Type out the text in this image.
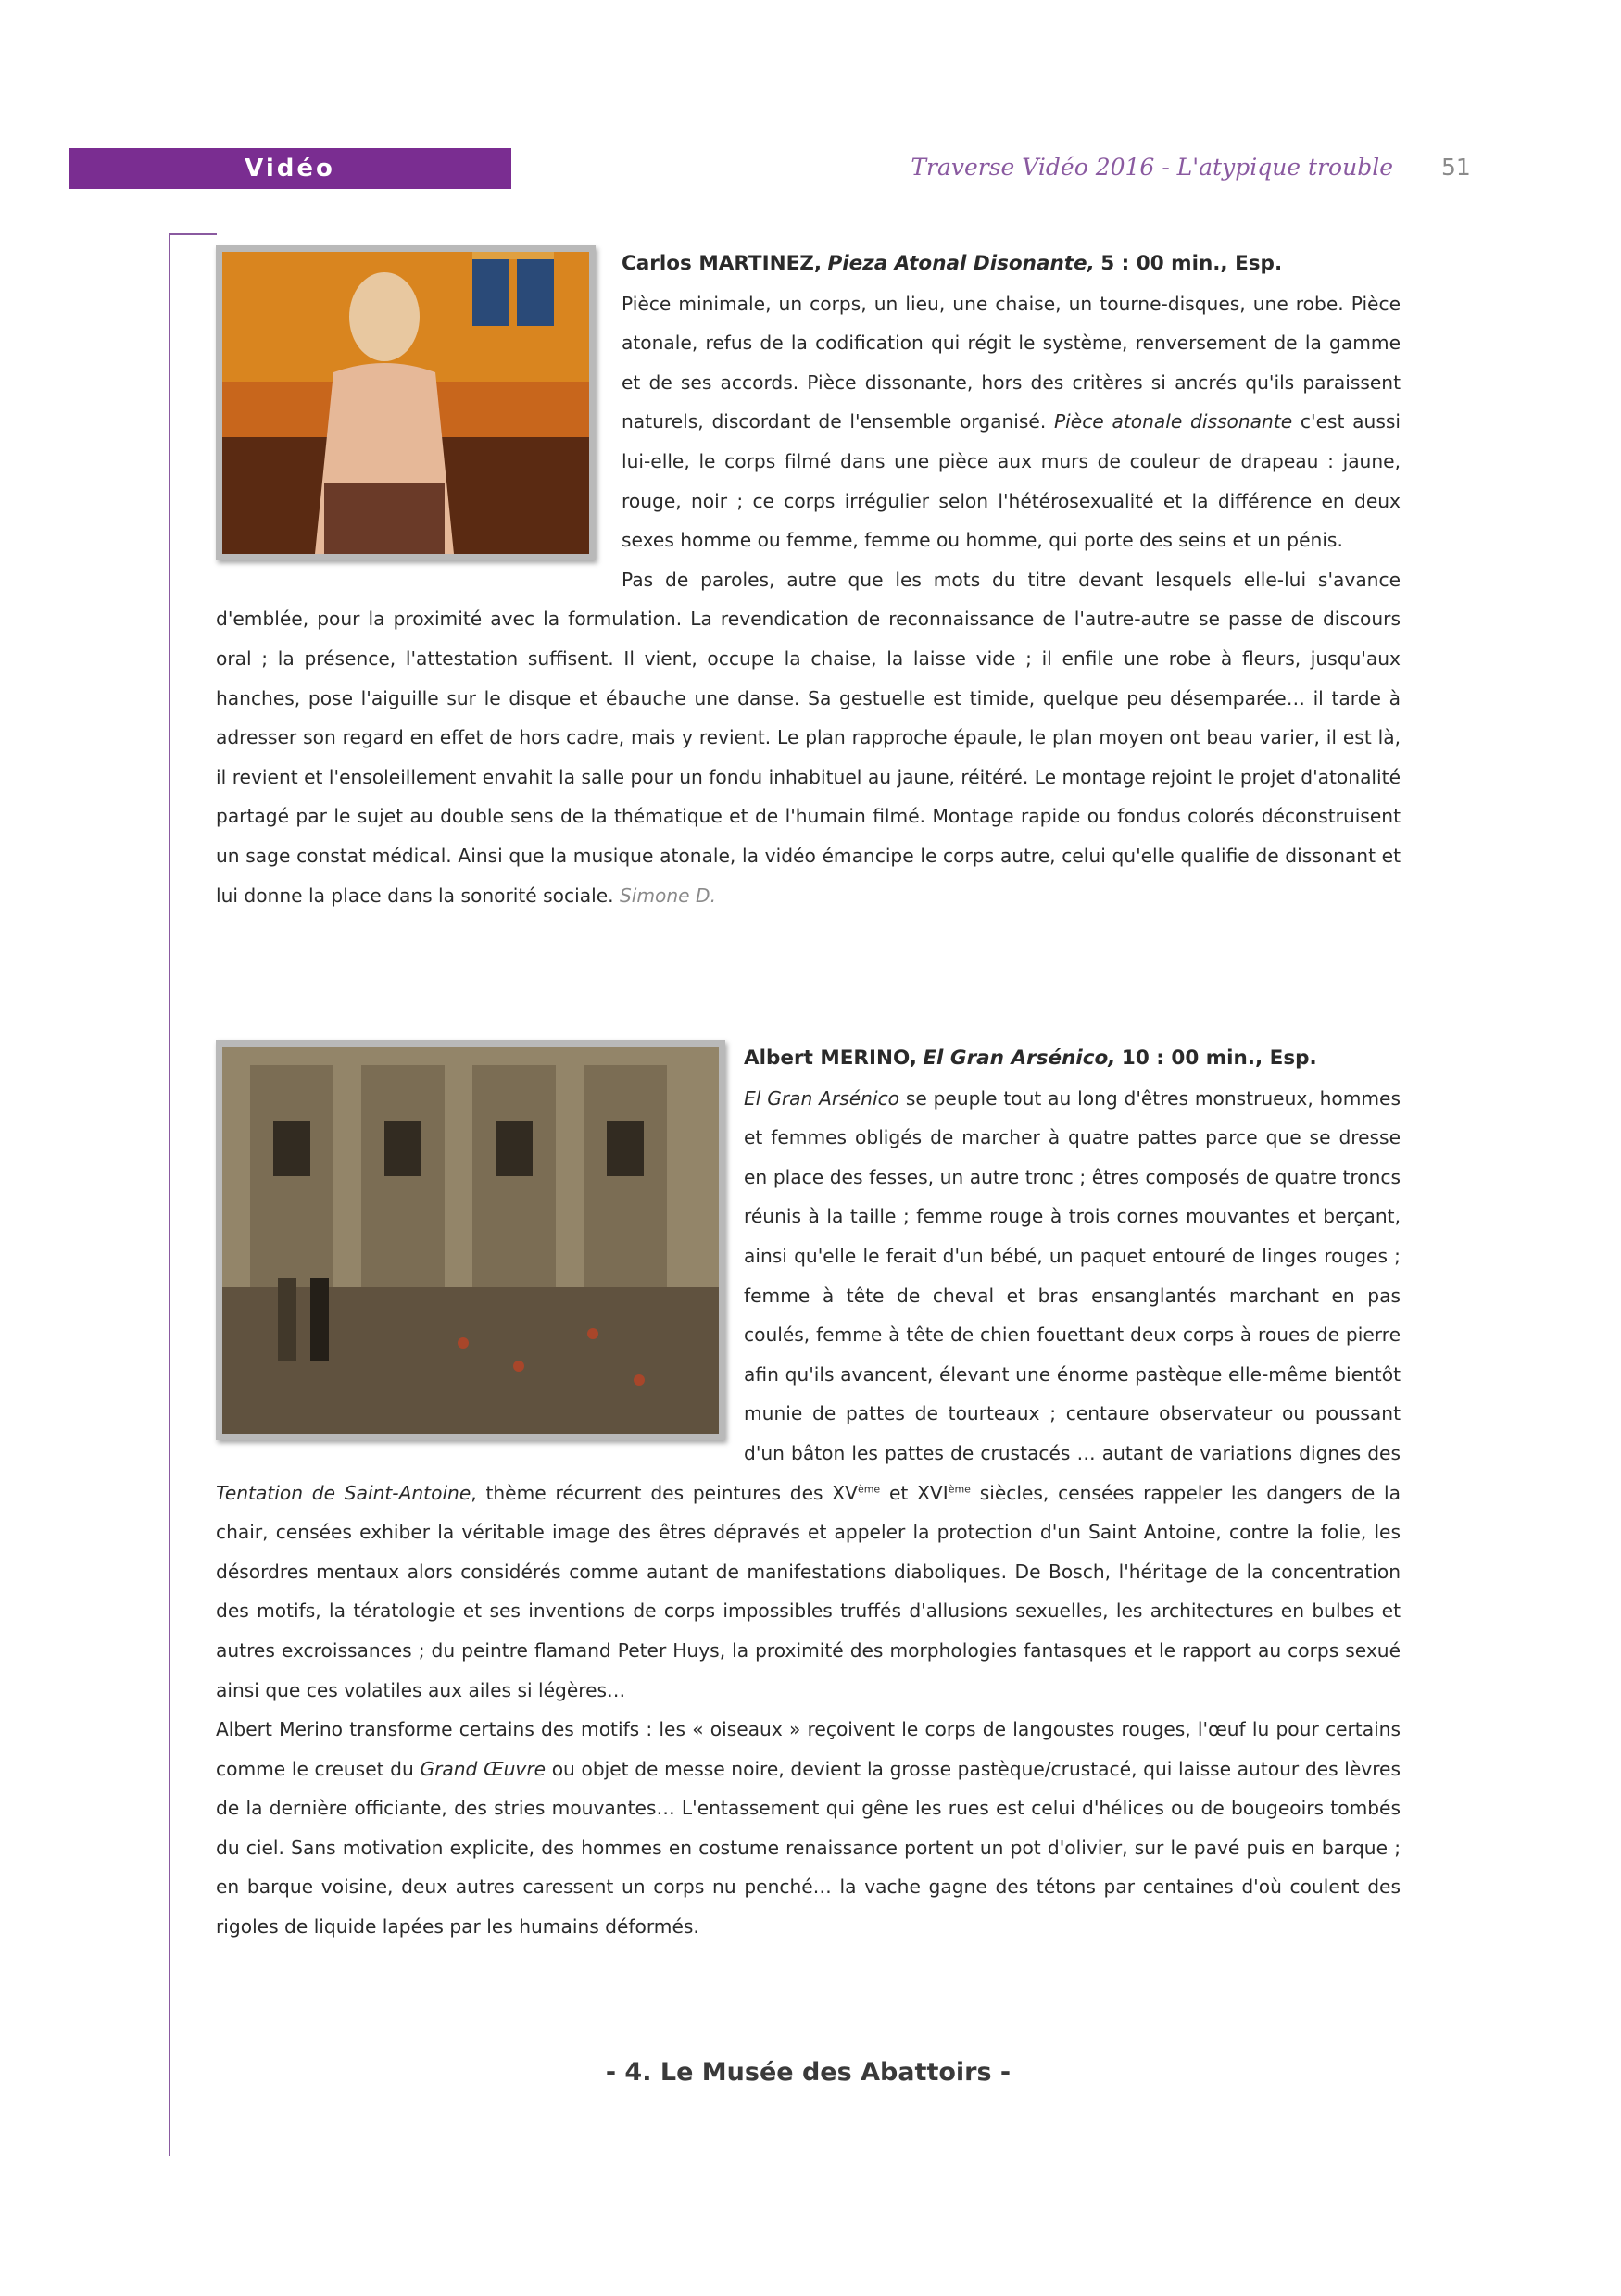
Vidéo	Traverse Vidéo 2016 - L'atypique trouble 51

Carlos MARTINEZ, Pieza Atonal Disonante, 5 : 00 min., Esp.
Pièce minimale, un corps, un lieu, une chaise, un tourne-disques, une robe. Pièce atonale, refus de la codification qui régit le système, renversement de la gamme et de ses accords. Pièce dissonante, hors des critères si ancrés qu'ils paraissent naturels, discordant de l'ensemble organisé. Pièce atonale dissonante c'est aussi lui-elle, le corps filmé dans une pièce aux murs de couleur de drapeau : jaune, rouge, noir ; ce corps irrégulier selon l'hétérosexualité et la différence en deux sexes homme ou femme, femme ou homme, qui porte des seins et un pénis.

Pas de paroles, autre que les mots du titre devant lesquels elle-lui s'avance d'emblée, pour la proximité avec la formulation. La revendication de reconnaissance de l'autre-autre se passe de discours oral ; la présence, l'attestation suffisent. Il vient, occupe la chaise, la laisse vide ; il enfile une robe à fleurs, jusqu'aux hanches, pose l'aiguille sur le disque et ébauche une danse. Sa gestuelle est timide, quelque peu désemparée… il tarde à adresser son regard en effet de hors cadre, mais y revient. Le plan rapproche épaule, le plan moyen ont beau varier, il est là, il revient et l'ensoleillement envahit la salle pour un fondu inhabituel au jaune, réitéré. Le montage rejoint le projet d'atonalité partagé par le sujet au double sens de la thématique et de l'humain filmé. Montage rapide ou fondus colorés déconstruisent un sage constat médical. Ainsi que la musique atonale, la vidéo émancipe le corps autre, celui qu'elle qualifie de dissonant et lui donne la place dans la sonorité sociale. Simone D.

Albert MERINO, El Gran Arsénico, 10 : 00 min., Esp.
El Gran Arsénico se peuple tout au long d'êtres monstrueux, hommes et femmes obligés de marcher à quatre pattes parce que se dresse en place des fesses, un autre tronc ; êtres composés de quatre troncs réunis à la taille ; femme rouge à trois cornes mouvantes et berçant, ainsi qu'elle le ferait d'un bébé, un paquet entouré de linges rouges ; femme à tête de cheval et bras ensanglantés marchant en pas coulés, femme à tête de chien fouettant deux corps à roues de pierre afin qu'ils avancent, élevant une énorme pastèque elle-même bientôt munie de pattes de tourteaux ; centaure observateur ou poussant d'un bâton les pattes de crustacés … autant de variations dignes des Tentation de Saint-Antoine, thème récurrent des peintures des XVème et XVIème siècles, censées rappeler les dangers de la chair, censées exhiber la véritable image des êtres dépravés et appeler la protection d'un Saint Antoine, contre la folie, les désordres mentaux alors considérés comme autant de manifestations diaboliques. De Bosch, l'héritage de la concentration des motifs, la tératologie et ses inventions de corps impossibles truffés d'allusions sexuelles, les architectures en bulbes et autres excroissances ; du peintre flamand Peter Huys, la proximité des morphologies fantasques et le rapport au corps sexué ainsi que ces volatiles aux ailes si légères…

Albert Merino transforme certains des motifs : les « oiseaux » reçoivent le corps de langoustes rouges, l'œuf lu pour certains comme le creuset du Grand Œuvre ou objet de messe noire, devient la grosse pastèque/crustacé, qui laisse autour des lèvres de la dernière officiante, des stries mouvantes… L'entassement qui gêne les rues est celui d'hélices ou de bougeoirs tombés du ciel. Sans motivation explicite, des hommes en costume renaissance portent un pot d'olivier, sur le pavé puis en barque ; en barque voisine, deux autres caressent un corps nu penché… la vache gagne des tétons par centaines d'où coulent des rigoles de liquide lapées par les humains déformés.

- 4. Le Musée des Abattoirs -
